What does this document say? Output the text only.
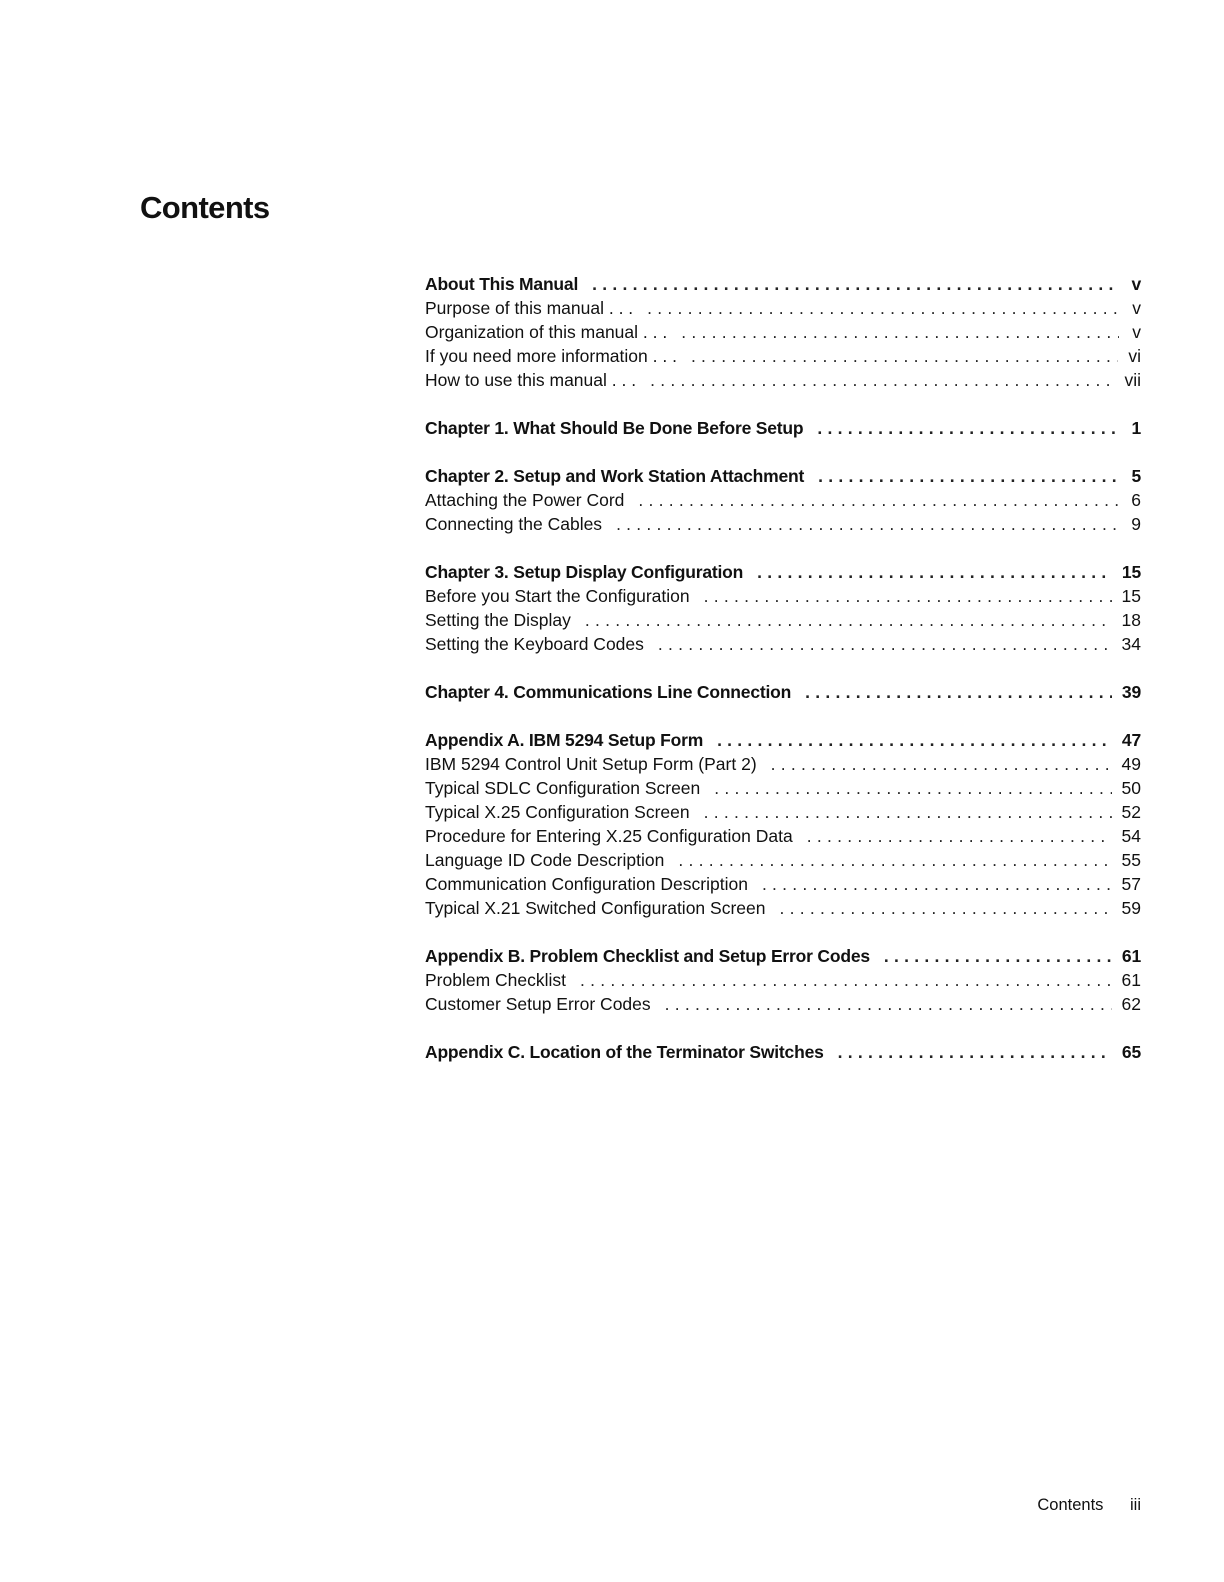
Contents
About This Manual . . .	v
Purpose of this manual . . . . . .	v
Organization of this manual . . . . . .	v
If you need more information . . . . . .	vi
How to use this manual . . . . . .	vii
Chapter 1. What Should Be Done Before Setup . . .	1
Chapter 2. Setup and Work Station Attachment . . .	5
Attaching the Power Cord . . .	6
Connecting the Cables . . .	9
Chapter 3. Setup Display Configuration . . .	15
Before you Start the Configuration . . .	15
Setting the Display . . .	18
Setting the Keyboard Codes . . .	34
Chapter 4. Communications Line Connection . . .	39
Appendix A. IBM 5294 Setup Form . . .	47
IBM 5294 Control Unit Setup Form (Part 2) . . .	49
Typical SDLC Configuration Screen . . .	50
Typical X.25 Configuration Screen . . .	52
Procedure for Entering X.25 Configuration Data . . .	54
Language ID Code Description . . .	55
Communication Configuration Description . . .	57
Typical X.21 Switched Configuration Screen . . .	59
Appendix B. Problem Checklist and Setup Error Codes . . .	61
Problem Checklist . . .	61
Customer Setup Error Codes . . .	62
Appendix C. Location of the Terminator Switches . . .	65
Contents iii
